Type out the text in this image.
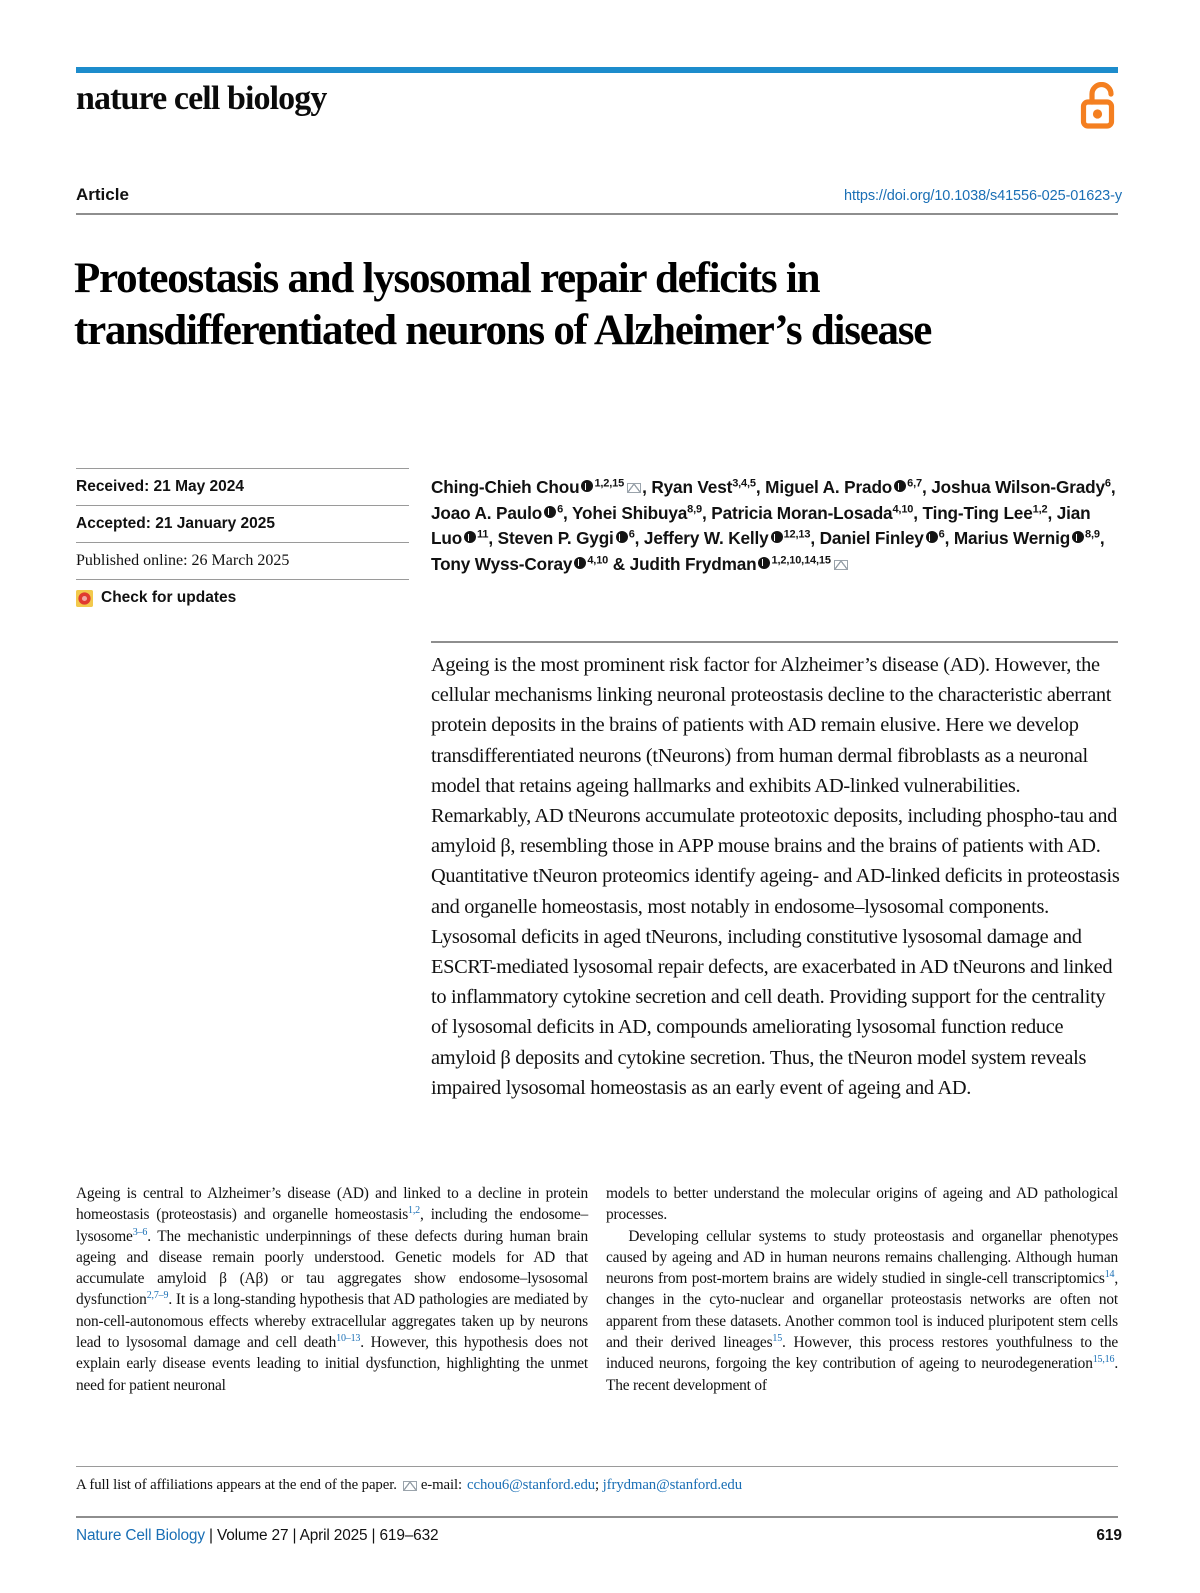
nature cell biology
Article	https://doi.org/10.1038/s41556-025-01623-y
Proteostasis and lysosomal repair deficits in transdifferentiated neurons of Alzheimer’s disease
Received: 21 May 2024
Accepted: 21 January 2025
Published online: 26 March 2025
Check for updates
Ching-Chieh Chou $^{1,2,15}$ , Ryan Vest$^{3,4,5}$, Miguel A. Prado $^{6,7}$, Joshua Wilson-Grady$^6$, Joao A. Paulo $^6$, Yohei Shibuya$^{8,9}$, Patricia Moran-Losada$^{4,10}$, Ting-Ting Lee$^{1,2}$, Jian Luo $^{11}$, Steven P. Gygi $^6$, Jeffery W. Kelly $^{12,13}$, Daniel Finley $^6$, Marius Wernig $^{8,9}$, Tony Wyss-Coray $^{4,10}$ & Judith Frydman $^{1,2,10,14,15}$
Ageing is the most prominent risk factor for Alzheimer’s disease (AD). However, the cellular mechanisms linking neuronal proteostasis decline to the characteristic aberrant protein deposits in the brains of patients with AD remain elusive. Here we develop transdifferentiated neurons (tNeurons) from human dermal fibroblasts as a neuronal model that retains ageing hallmarks and exhibits AD-linked vulnerabilities. Remarkably, AD tNeurons accumulate proteotoxic deposits, including phospho-tau and amyloid β, resembling those in APP mouse brains and the brains of patients with AD. Quantitative tNeuron proteomics identify ageing- and AD-linked deficits in proteostasis and organelle homeostasis, most notably in endosome–lysosomal components. Lysosomal deficits in aged tNeurons, including constitutive lysosomal damage and ESCRT-mediated lysosomal repair defects, are exacerbated in AD tNeurons and linked to inflammatory cytokine secretion and cell death. Providing support for the centrality of lysosomal deficits in AD, compounds ameliorating lysosomal function reduce amyloid β deposits and cytokine secretion. Thus, the tNeuron model system reveals impaired lysosomal homeostasis as an early event of ageing and AD.

Ageing is central to Alzheimer’s disease (AD) and linked to a decline in protein homeostasis (proteostasis) and organelle homeostasis$^{1,2}$, including the endosome–lysosome$^{3-6}$. The mechanistic underpinnings of these defects during human brain ageing and disease remain poorly understood. Genetic models for AD that accumulate amyloid β (Aβ) or tau aggregates show endosome–lysosomal dysfunction$^{2,7-9}$. It is a long-standing hypothesis that AD pathologies are mediated by non-cell-autonomous effects whereby extracellular aggregates taken up by neurons lead to lysosomal damage and cell death$^{10-13}$. However, this hypothesis does not explain early disease events leading to initial dysfunction, highlighting the unmet need for patient neuronal

models to better understand the molecular origins of ageing and AD pathological processes.

Developing cellular systems to study proteostasis and organellar phenotypes caused by ageing and AD in human neurons remains challenging. Although human neurons from post-mortem brains are widely studied in single-cell transcriptomics$^{14}$, changes in the cyto-nuclear and organellar proteostasis networks are often not apparent from these datasets. Another common tool is induced pluripotent stem cells and their derived lineages$^{15}$. However, this process restores youthfulness to the induced neurons, forgoing the key contribution of ageing to neurodegeneration$^{15,16}$. The recent development of

A full list of affiliations appears at the end of the paper. e-mail: cchou6@stanford.edu ; jfrydman@stanford.edu
Nature Cell Biology | Volume 27 | April 2025 | 619–632	619
